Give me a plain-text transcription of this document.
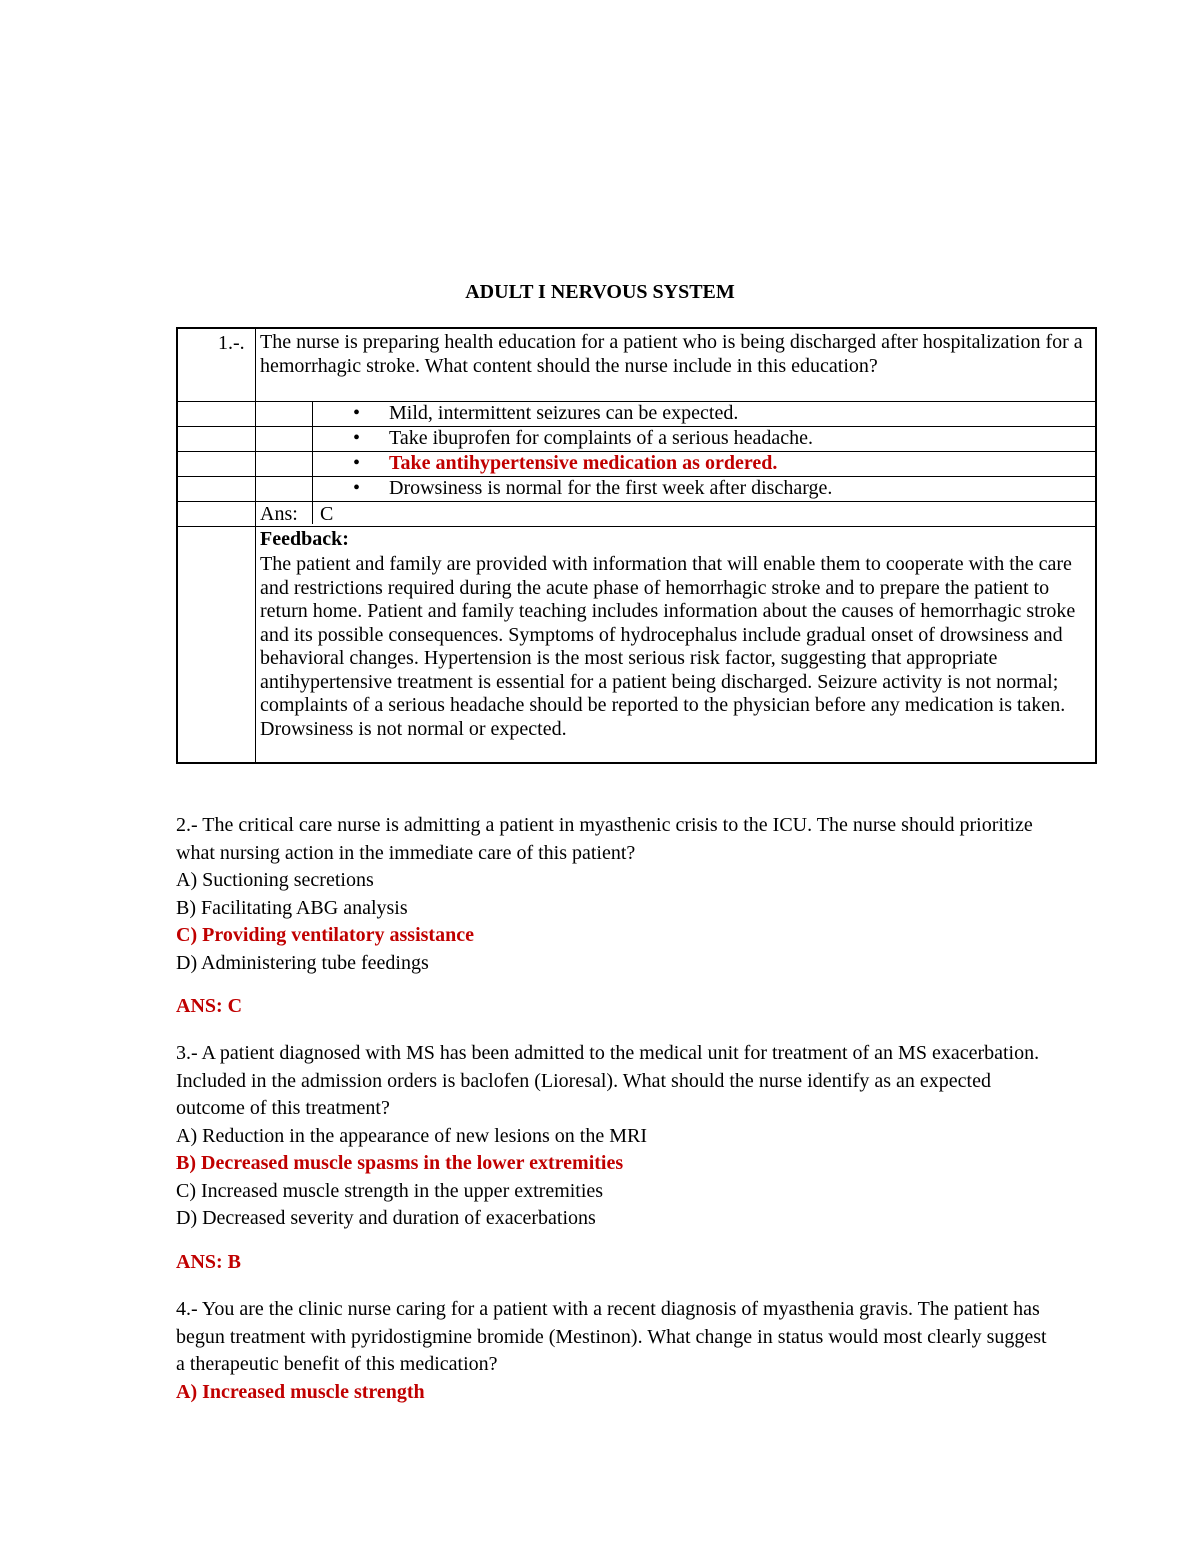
ADULT I NERVOUS SYSTEM
1.-. The nurse is preparing health education for a patient who is being discharged after hospitalization for a hemorrhagic stroke. What content should the nurse include in this education?
• Mild, intermittent seizures can be expected.
• Take ibuprofen for complaints of a serious headache.
• Take antihypertensive medication as ordered.
• Drowsiness is normal for the first week after discharge.
Ans: C
Feedback:
The patient and family are provided with information that will enable them to cooperate with the care and restrictions required during the acute phase of hemorrhagic stroke and to prepare the patient to return home. Patient and family teaching includes information about the causes of hemorrhagic stroke and its possible consequences. Symptoms of hydrocephalus include gradual onset of drowsiness and behavioral changes. Hypertension is the most serious risk factor, suggesting that appropriate antihypertensive treatment is essential for a patient being discharged. Seizure activity is not normal; complaints of a serious headache should be reported to the physician before any medication is taken. Drowsiness is not normal or expected.
2.- The critical care nurse is admitting a patient in myasthenic crisis to the ICU. The nurse should prioritize what nursing action in the immediate care of this patient?
A) Suctioning secretions
B) Facilitating ABG analysis
C) Providing ventilatory assistance
D) Administering tube feedings
ANS: C
3.- A patient diagnosed with MS has been admitted to the medical unit for treatment of an MS exacerbation. Included in the admission orders is baclofen (Lioresal). What should the nurse identify as an expected outcome of this treatment?
A) Reduction in the appearance of new lesions on the MRI
B) Decreased muscle spasms in the lower extremities
C) Increased muscle strength in the upper extremities
D) Decreased severity and duration of exacerbations
ANS: B
4.- You are the clinic nurse caring for a patient with a recent diagnosis of myasthenia gravis. The patient has begun treatment with pyridostigmine bromide (Mestinon). What change in status would most clearly suggest a therapeutic benefit of this medication?
A) Increased muscle strength
